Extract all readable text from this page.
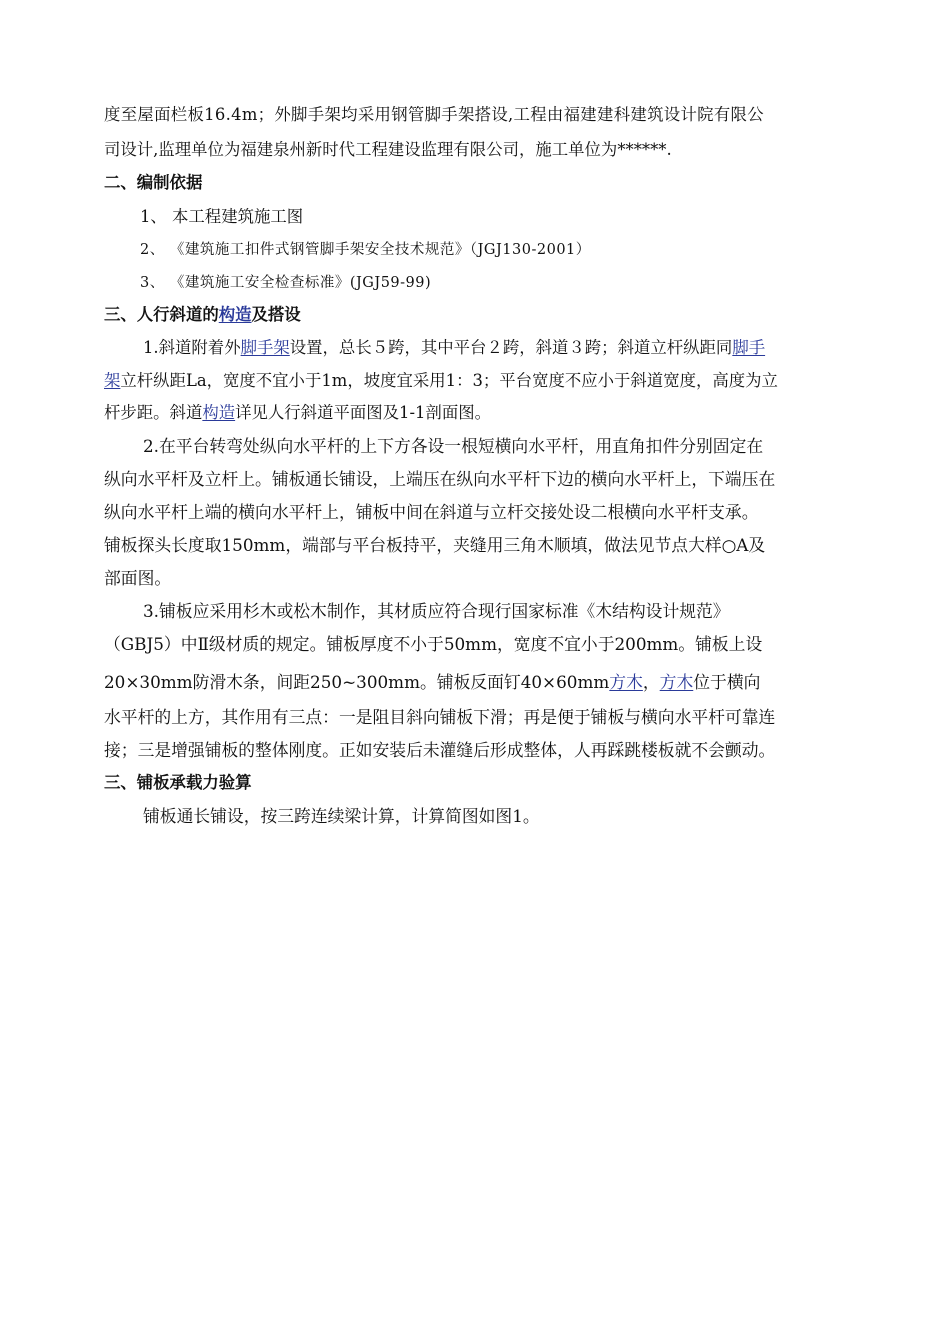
度至屋面栏板16.4m；外脚手架均采用钢管脚手架搭设,工程由福建建科建筑设计院有限公
司设计,监理单位为福建泉州新时代工程建设监理有限公司，施工单位为******.
二、编制依据
1、 本工程建筑施工图
2、 《建筑施工扣件式钢管脚手架安全技术规范》（JGJ130-2001）
3、 《建筑施工安全检查标准》(JGJ59-99)
三、人行斜道的构造及搭设
1.斜道附着外脚手架设置，总长５跨，其中平台２跨，斜道３跨；斜道立杆纵距同脚手
架立杆纵距La，宽度不宜小于1m，坡度宜采用1：3；平台宽度不应小于斜道宽度，高度为立
杆步距。斜道构造详见人行斜道平面图及1-1剖面图。
2.在平台转弯处纵向水平杆的上下方各设一根短横向水平杆，用直角扣件分别固定在
纵向水平杆及立杆上。铺板通长铺设，上端压在纵向水平杆下边的横向水平杆上，下端压在
纵向水平杆上端的横向水平杆上，铺板中间在斜道与立杆交接处设二根横向水平杆支承。
铺板探头长度取150mm，端部与平台板持平，夹缝用三角木顺填，做法见节点大样○A及
部面图。
3.铺板应采用杉木或松木制作，其材质应符合现行国家标准《木结构设计规范》
（GBJ5）中Ⅱ级材质的规定。铺板厚度不小于50mm，宽度不宜小于200mm。铺板上设
20×30mm防滑木条，间距250~300mm。铺板反面钉40×60mm方木，方木位于横向
水平杆的上方，其作用有三点：一是阻目斜向铺板下滑；再是便于铺板与横向水平杆可靠连
接；三是增强铺板的整体刚度。正如安装后未灌缝后形成整体，人再踩跳楼板就不会颤动。
三、铺板承载力验算
铺板通长铺设，按三跨连续梁计算，计算简图如图1。
